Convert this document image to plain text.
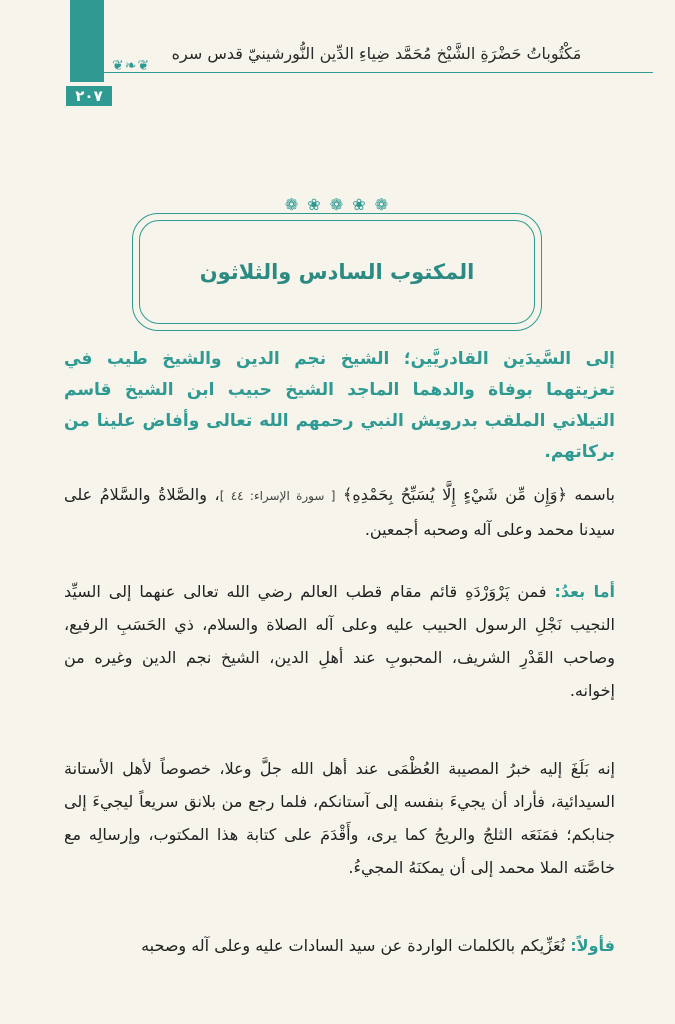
٢٠٧
❦❧❦
مَكْتُوباتُ حَضْرَةِ الشَّيْخ مُحَمَّد ضِياءِ الدِّين النُّورشينيّ قدس سره
❁ ❀ ❁ ❀ ❁
المكتوب السادس والثلاثون
إلى السَّيدَين القادريَّين؛ الشيخ نجم الدين والشيخ طيب في تعزيتهما بوفاة والدهما الماجد الشيخ حبيب ابن الشيخ قاسم التيلاني الملقب بدرويش النبي رحمهم الله تعالى وأفاض علينا من بركاتهم.
باسمه ﴿وَإِن مِّن شَيْءٍ إِلَّا يُسَبِّحُ بِحَمْدِهِ﴾ [ سورة الإسراء: ٤٤ ]، والصَّلاةُ والسَّلامُ على سيدنا محمد وعلى آله وصحبه أجمعين.
أما بعدُ: فمن پَرْوَرْدَهِ قائم مقام قطب العالم رضي الله تعالى عنهما إلى السيِّد النجيب نَجْلِ الرسول الحبيب عليه وعلى آله الصلاة والسلام، ذي الحَسَبِ الرفيع، وصاحب القَدْرِ الشريف، المحبوبِ عند أهلِ الدين، الشيخ نجم الدين وغيره من إخوانه.
إنه بَلَغَ إليه خبرُ المصيبة العُظْمَى عند أهل الله جلَّ وعلا، خصوصاً لأهل الأستانة السيدائية، فأراد أن يجيءَ بنفسه إلى آستانكم، فلما رجع من بلانق سريعاً ليجيءَ إلى جنابكم؛ فمَنَعَه الثلجُ والريحُ كما يرى، وأَقْدَمَ على كتابة هذا المكتوب، وإرسالِه مع خاصَّته الملا محمد إلى أن يمكنَهُ المجيءُ.
فأولاً: نُعَزِّيكم بالكلمات الواردة عن سيد السادات عليه وعلى آله وصحبه
